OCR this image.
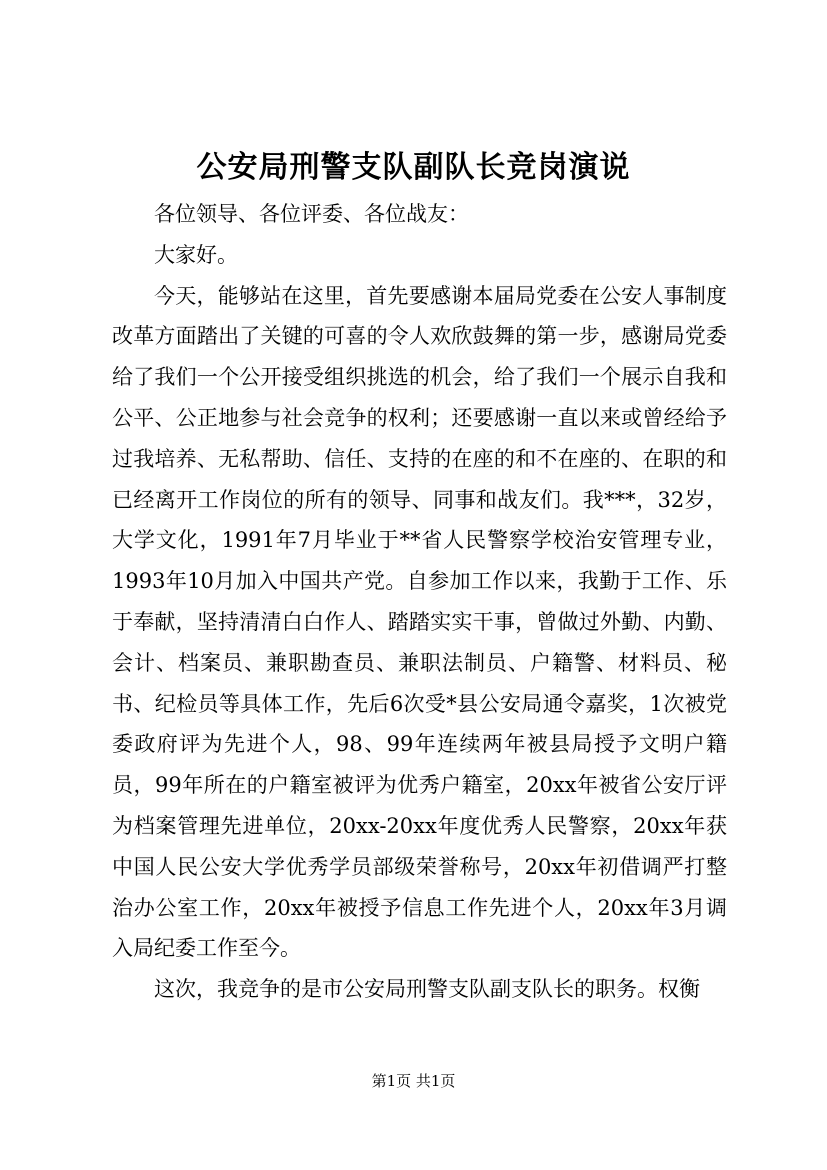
公安局刑警支队副队长竞岗演说

各位领导、各位评委、各位战友：

大家好。

今天，能够站在这里，首先要感谢本届局党委在公安人事制度改革方面踏出了关键的可喜的令人欢欣鼓舞的第一步，感谢局党委给了我们一个公开接受组织挑选的机会，给了我们一个展示自我和公平、公正地参与社会竞争的权利；还要感谢一直以来或曾经给予过我培养、无私帮助、信任、支持的在座的和不在座的、在职的和已经离开工作岗位的所有的领导、同事和战友们。我***，32岁，大学文化，1991年7月毕业于**省人民警察学校治安管理专业，1993年10月加入中国共产党。自参加工作以来，我勤于工作、乐于奉献，坚持清清白白作人、踏踏实实干事，曾做过外勤、内勤、会计、档案员、兼职勘查员、兼职法制员、户籍警、材料员、秘书、纪检员等具体工作，先后6次受*县公安局通令嘉奖，1次被党委政府评为先进个人，98、99年连续两年被县局授予文明户籍员，99年所在的户籍室被评为优秀户籍室，20xx年被省公安厅评为档案管理先进单位，20xx-20xx年度优秀人民警察，20xx年获中国人民公安大学优秀学员部级荣誉称号，20xx年初借调严打整治办公室工作，20xx年被授予信息工作先进个人，20xx年3月调入局纪委工作至今。

这次，我竞争的是市公安局刑警支队副支队长的职务。权衡

第1页 共1页
